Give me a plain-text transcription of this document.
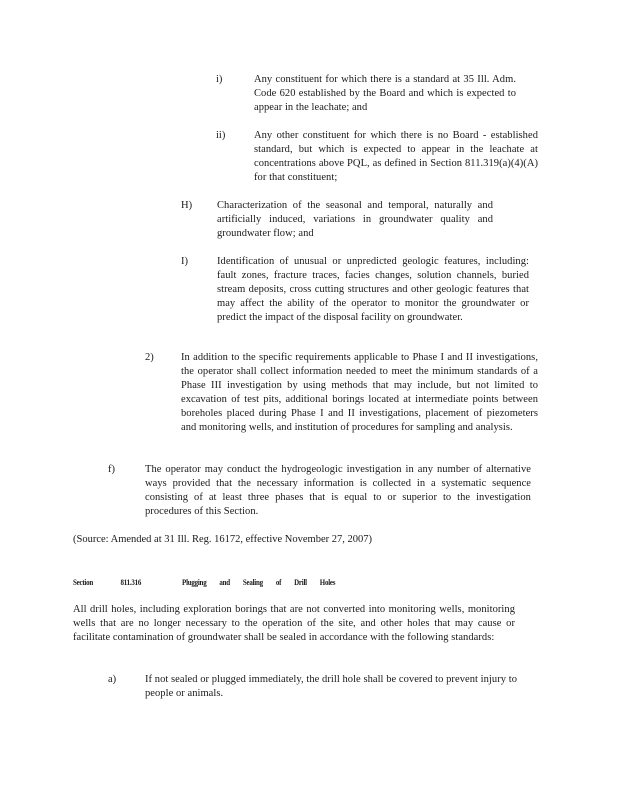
i)	Any constituent for which there is a standard at 35 Ill. Adm. Code 620 established by the Board and which is expected to appear in the leachate; and
ii)	Any other constituent for which there is no Board - established standard, but which is expected to appear in the leachate at concentrations above PQL, as defined in Section 811.319(a)(4)(A) for that constituent;
H) Characterization of the seasonal and temporal, naturally and artificially induced, variations in groundwater quality and groundwater flow; and
I)	Identification of unusual or unpredicted geologic features, including: fault zones, fracture traces, facies changes, solution channels, buried stream deposits, cross cutting structures and other geologic features that may affect the ability of the operator to monitor the groundwater or predict the impact of the disposal facility on groundwater.
2)	In addition to the specific requirements applicable to Phase I and II investigations, the operator shall collect information needed to meet the minimum standards of a Phase III investigation by using methods that may include, but not limited to excavation of test pits, additional borings located at intermediate points between boreholes placed during Phase I and II investigations, placement of piezometers and monitoring wells, and institution of procedures for sampling and analysis.
f)	The operator may conduct the hydrogeologic investigation in any number of alternative ways provided that the necessary information is collected in a systematic sequence consisting of at least three phases that is equal to or superior to the investigation procedures of this Section.
(Source: Amended at 31 Ill. Reg. 16172, effective November 27, 2007)
Section	811.316	Plugging and Sealing of Drill Holes
All drill holes, including exploration borings that are not converted into monitoring wells, monitoring wells that are no longer necessary to the operation of the site, and other holes that may cause or facilitate contamination of groundwater shall be sealed in accordance with the following standards:
a)	If not sealed or plugged immediately, the drill hole shall be covered to prevent injury to people or animals.
